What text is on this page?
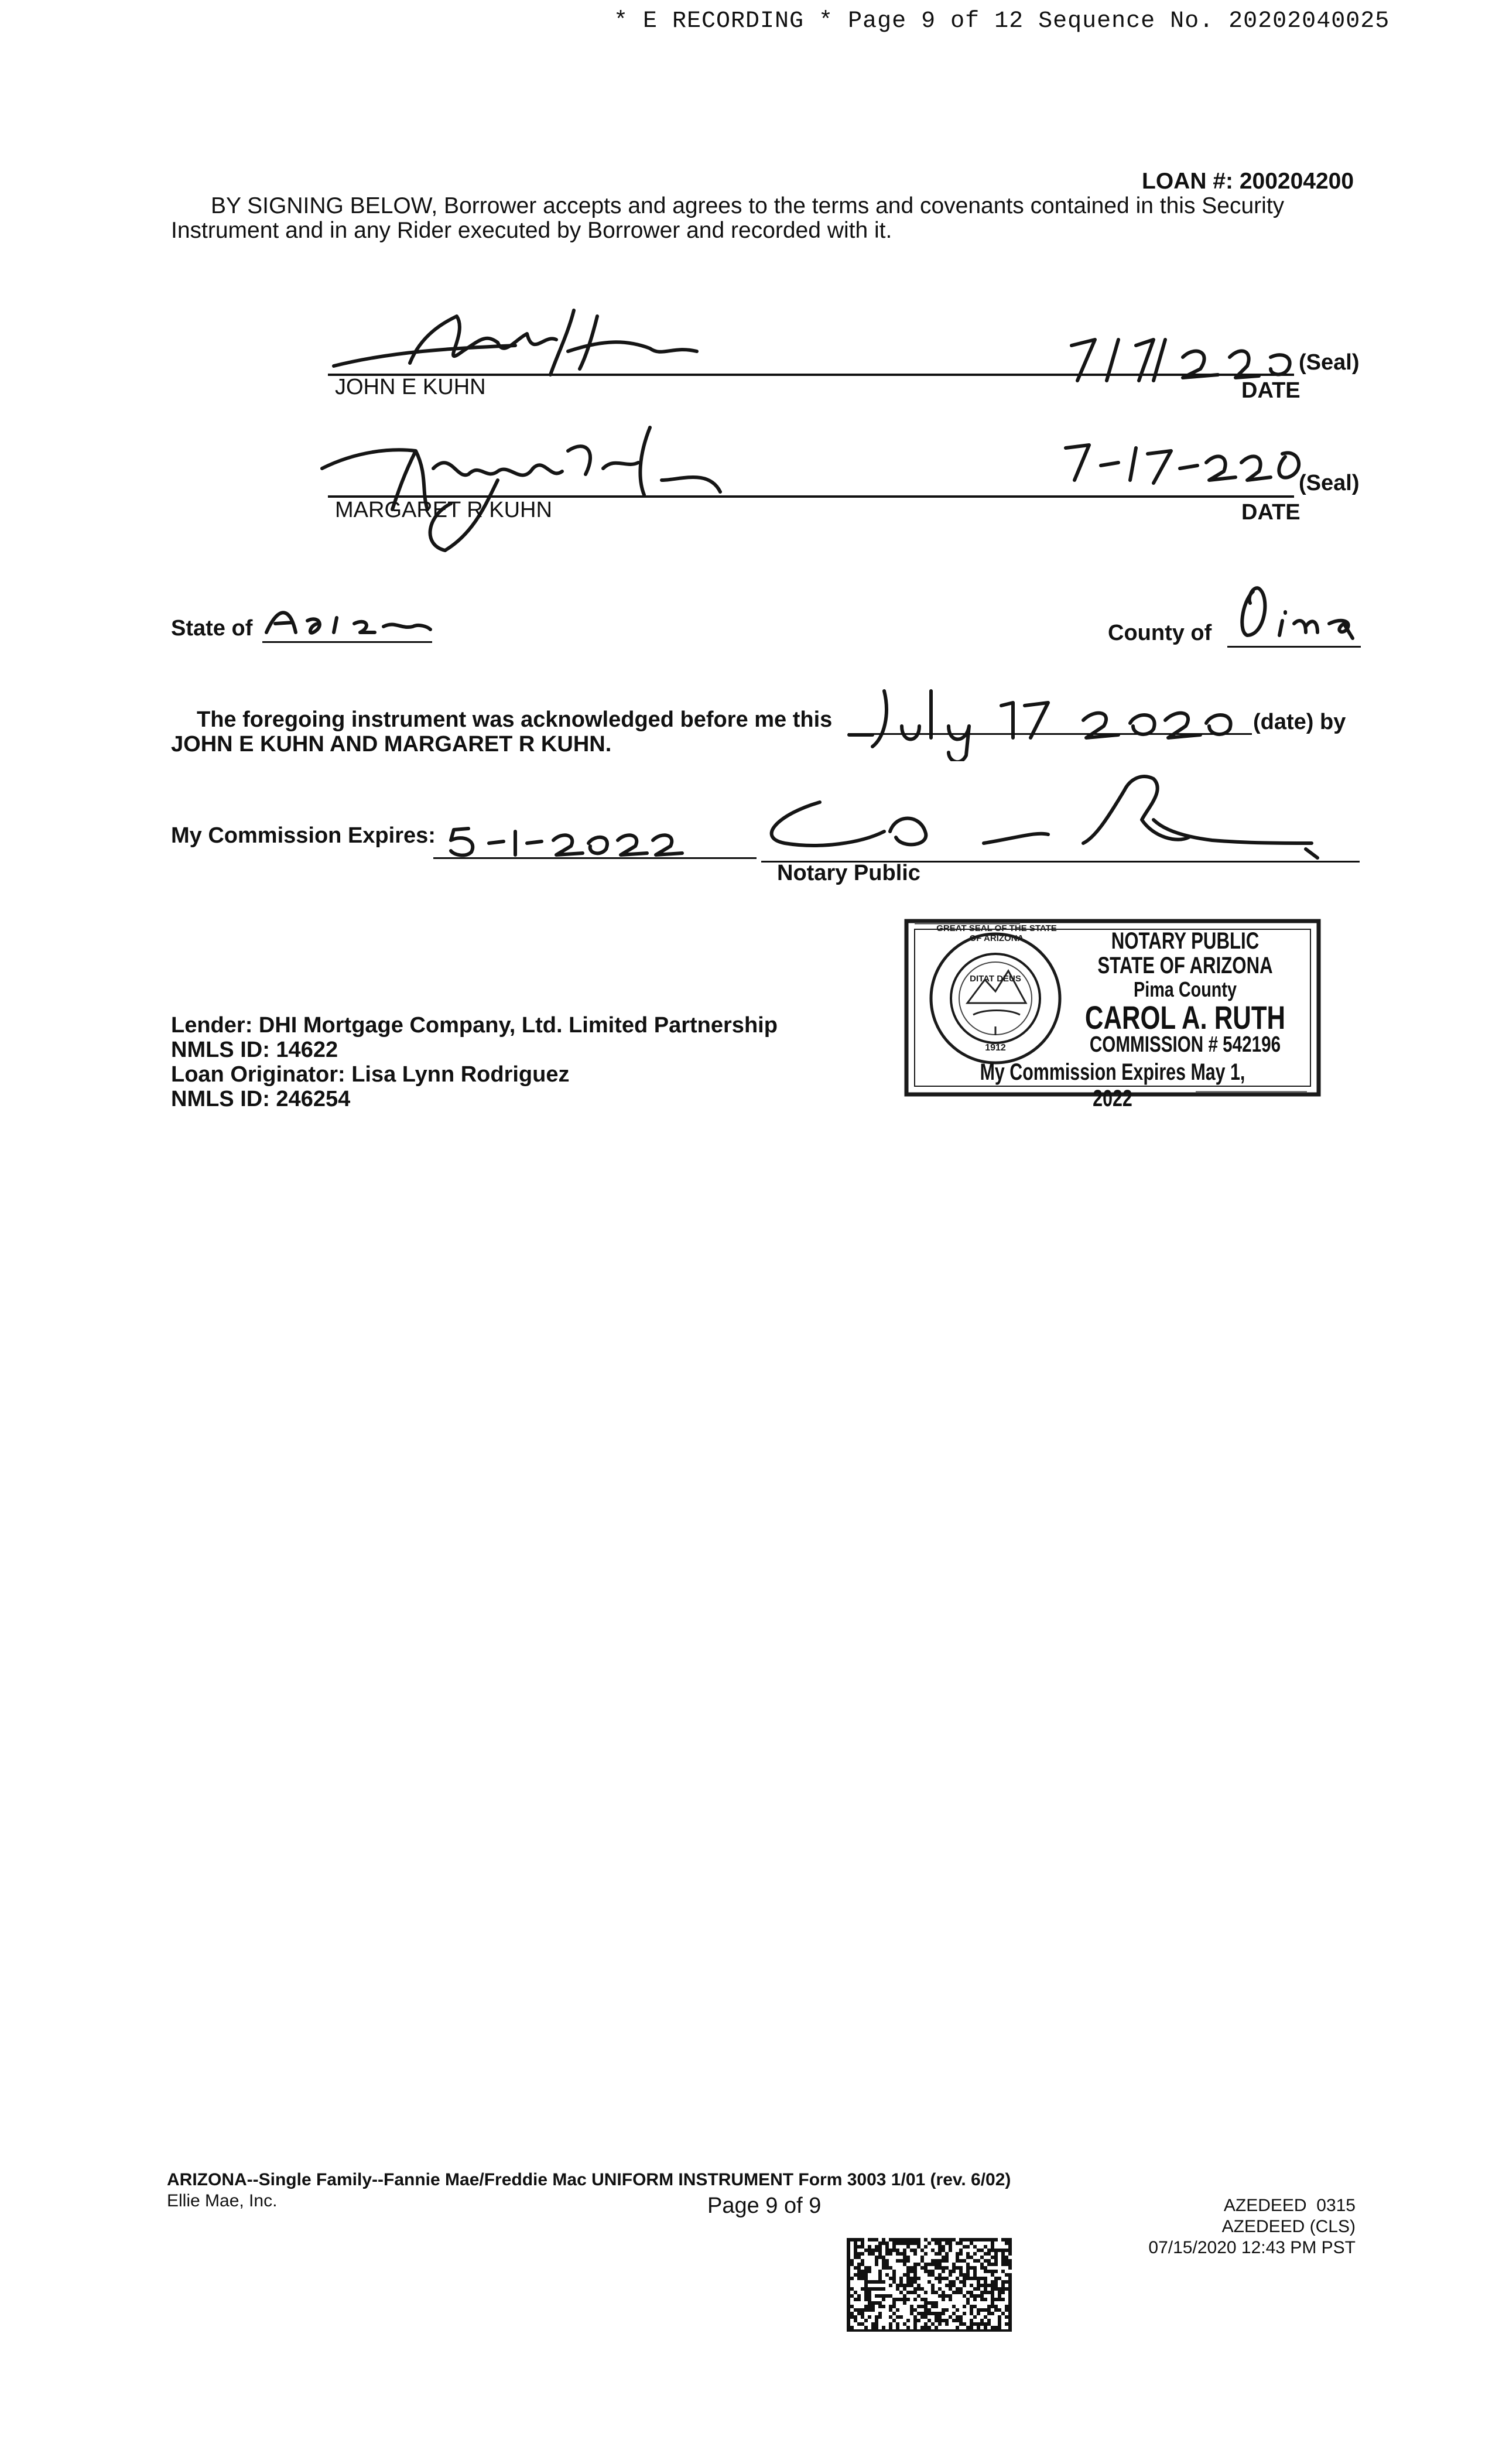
* E RECORDING * Page 9 of 12 Sequence No. 20202040025
LOAN #: 200204200
BY SIGNING BELOW, Borrower accepts and agrees to the terms and covenants contained in this Security
Instrument and in any Rider executed by Borrower and recorded with it.
JOHN E KUHN
(Seal)
DATE
MARGARET R KUHN
(Seal)
DATE
State of	County of
The foregoing instrument was acknowledged before me this	(date) by
JOHN E KUHN AND MARGARET R KUHN.
My Commission Expires:
Notary Public
GREAT SEAL OF THE STATE OF ARIZONA
DITAT DEUS
1912
NOTARY PUBLIC
STATE OF ARIZONA
Pima County
CAROL A. RUTH
COMMISSION # 542196
My Commission Expires May 1, 2022
Lender: DHI Mortgage Company, Ltd. Limited Partnership
NMLS ID: 14622
Loan Originator: Lisa Lynn Rodriguez
NMLS ID: 246254
ARIZONA--Single Family--Fannie Mae/Freddie Mac UNIFORM INSTRUMENT Form 3003 1/01 (rev. 6/02)
Ellie Mae, Inc.	Page 9 of 9	AZEDEED  0315
AZEDEED (CLS)
07/15/2020 12:43 PM PST
